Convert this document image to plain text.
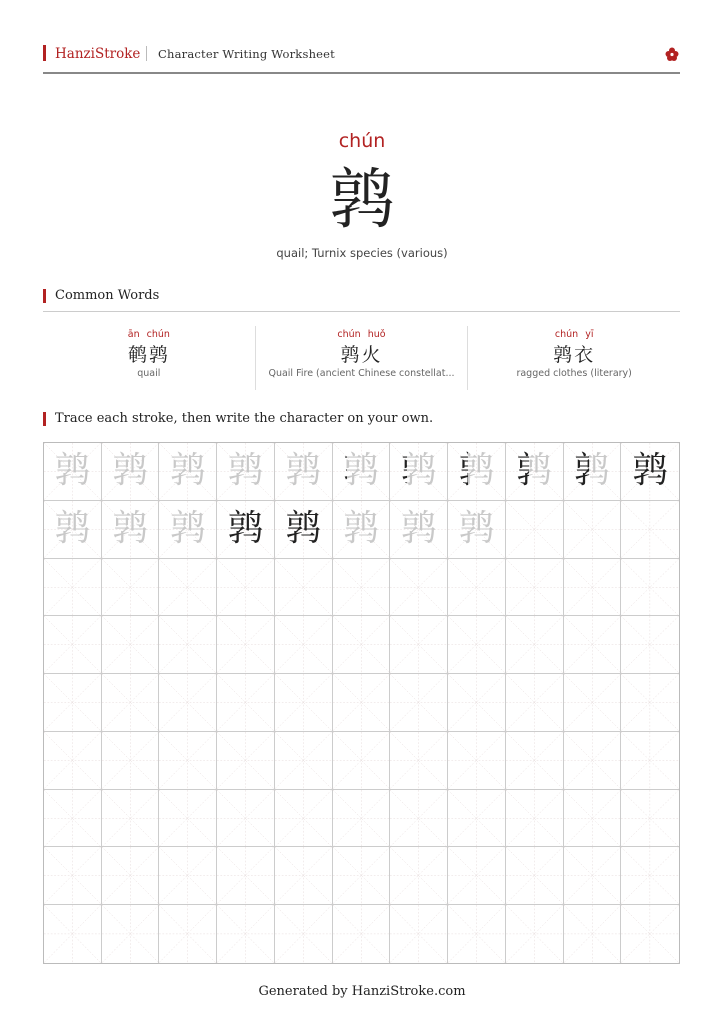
HanziStroke Character Writing Worksheet
chún
鹑
quail; Turnix species (various)
Common Words
ān chún
鹌鹑
quail
chún huǒ
鹑火
Quail Fire (ancient Chinese constellat...
chún yī
鹑衣
ragged clothes (literary)
Trace each stroke, then write the character on your own.
鹑 鹑 鹑 鹑 鹑 鹑 鹑 鹑 鹑 鹑 鹑
鹑 鹑 鹑 鹑 鹑 鹑 鹑 鹑
Generated by HanziStroke.com
